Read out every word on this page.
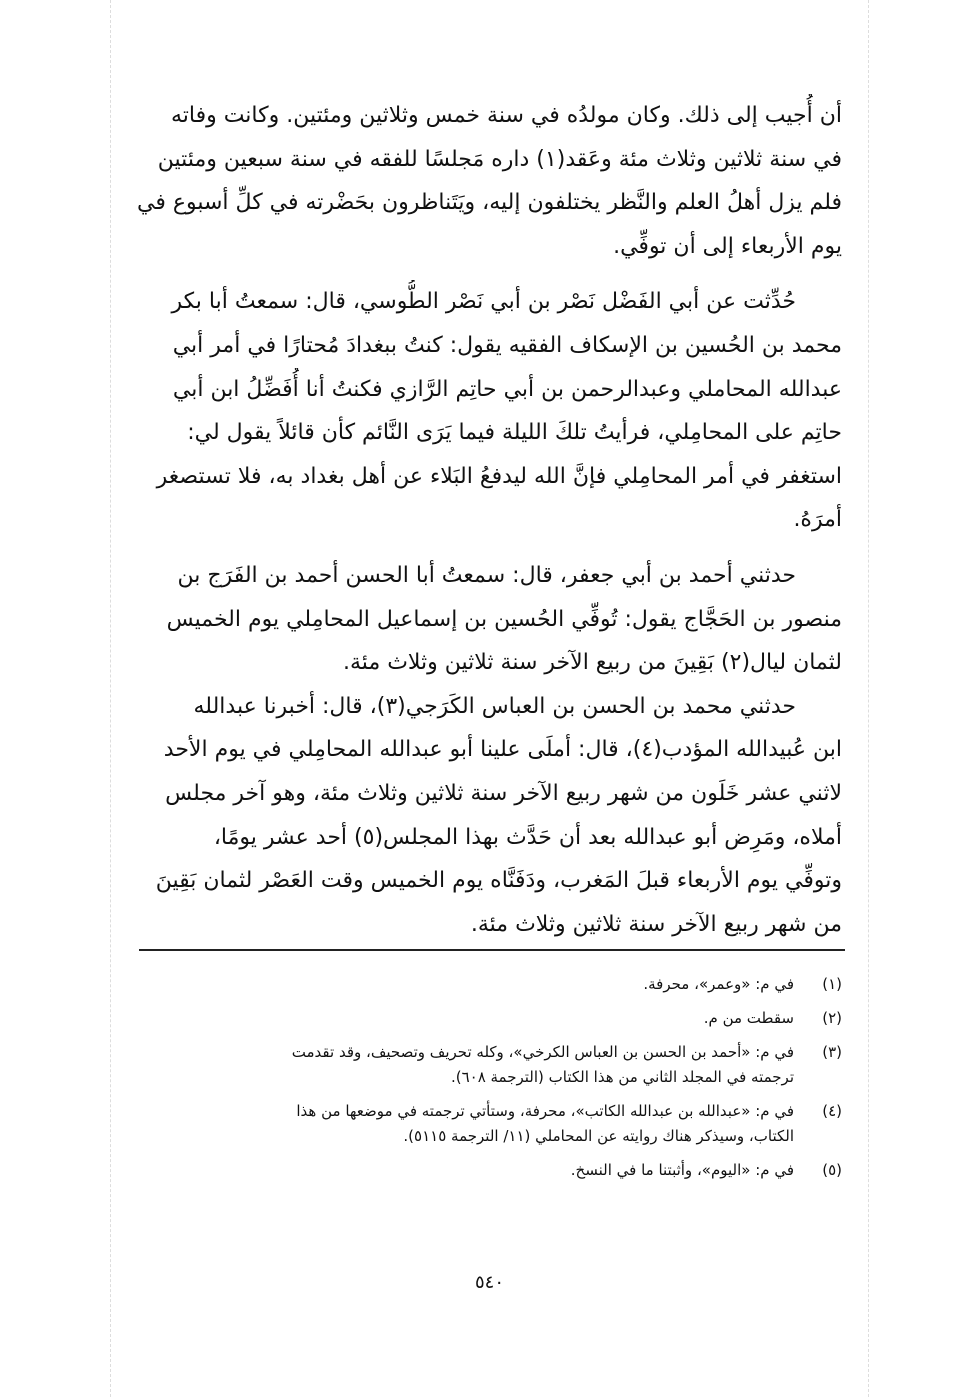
أن أُجيب إلى ذلك. وكان مولدُه في سنة خمس وثلاثين ومئتين. وكانت وفاته
في سنة ثلاثين وثلاث مئة وعَقد(١) داره مَجلسًا للفقه في سنة سبعين ومئتين
فلم يزل أهلُ العلم والنَّظر يختلفون إليه، ويَتَناظرون بحَضْرته في كلِّ أسبوع في
يوم الأربعاء إلى أن توفِّي.
حُدِّثت عن أبي الفَضْل نَصْر بن أبي نَصْر الطُّوسي، قال: سمعتُ أبا بكر
محمد بن الحُسين بن الإسكاف الفقيه يقول: كنتُ ببغدادَ مُحتارًا في أمر أبي
عبدالله المحاملي وعبدالرحمن بن أبي حاتِم الرَّازي فكنتُ أنا أُفَضِّلُ ابن أبي
حاتِم على المحامِلي، فرأيتُ تلكَ الليلة فيما يَرَى النَّائم كأن قائلاً يقول لي:
استغفر في أمر المحامِلي فإنَّ الله ليدفعُ البَلاء عن أهل بغداد به، فلا تستصغر
أمرَهُ.
حدثني أحمد بن أبي جعفر، قال: سمعتُ أبا الحسن أحمد بن الفَرَج بن
منصور بن الحَجَّاج يقول: تُوفِّي الحُسين بن إسماعيل المحامِلي يوم الخميس
لثمان ليال(٢) بَقِينَ من ربيع الآخر سنة ثلاثين وثلاث مئة.
حدثني محمد بن الحسن بن العباس الكَرَجي(٣)، قال: أخبرنا عبدالله
ابن عُبيدالله المؤدب(٤)، قال: أملَى علينا أبو عبدالله المحامِلي في يوم الأحد
لاثني عشر خَلَون من شهر ربيع الآخر سنة ثلاثين وثلاث مئة، وهو آخر مجلس
أملاه، ومَرِض أبو عبدالله بعد أن حَدَّث بهذا المجلس(٥) أحد عشر يومًا،
وتوفِّي يوم الأربعاء قبلَ المَغرب، ودَفَنَّاه يوم الخميس وقت العَصْر لثمان بَقِينَ
من شهر ربيع الآخر سنة ثلاثين وثلاث مئة.
(١)
في م: «وعمر»، محرفة.
(٢)
سقطت من م.
(٣)
في م: «أحمد بن الحسن بن العباس الكرخي»، وكله تحريف وتصحيف، وقد تقدمت
ترجمته في المجلد الثاني من هذا الكتاب (الترجمة ٦٠٨).
(٤)
في م: «عبدالله بن عبدالله الكاتب»، محرفة، وستأتي ترجمته في موضعها من هذا
الكتاب، وسيذكر هناك روايته عن المحاملي (١١/ الترجمة ٥١١٥).
(٥)
في م: «اليوم»، وأثبتنا ما في النسخ.
٥٤٠
